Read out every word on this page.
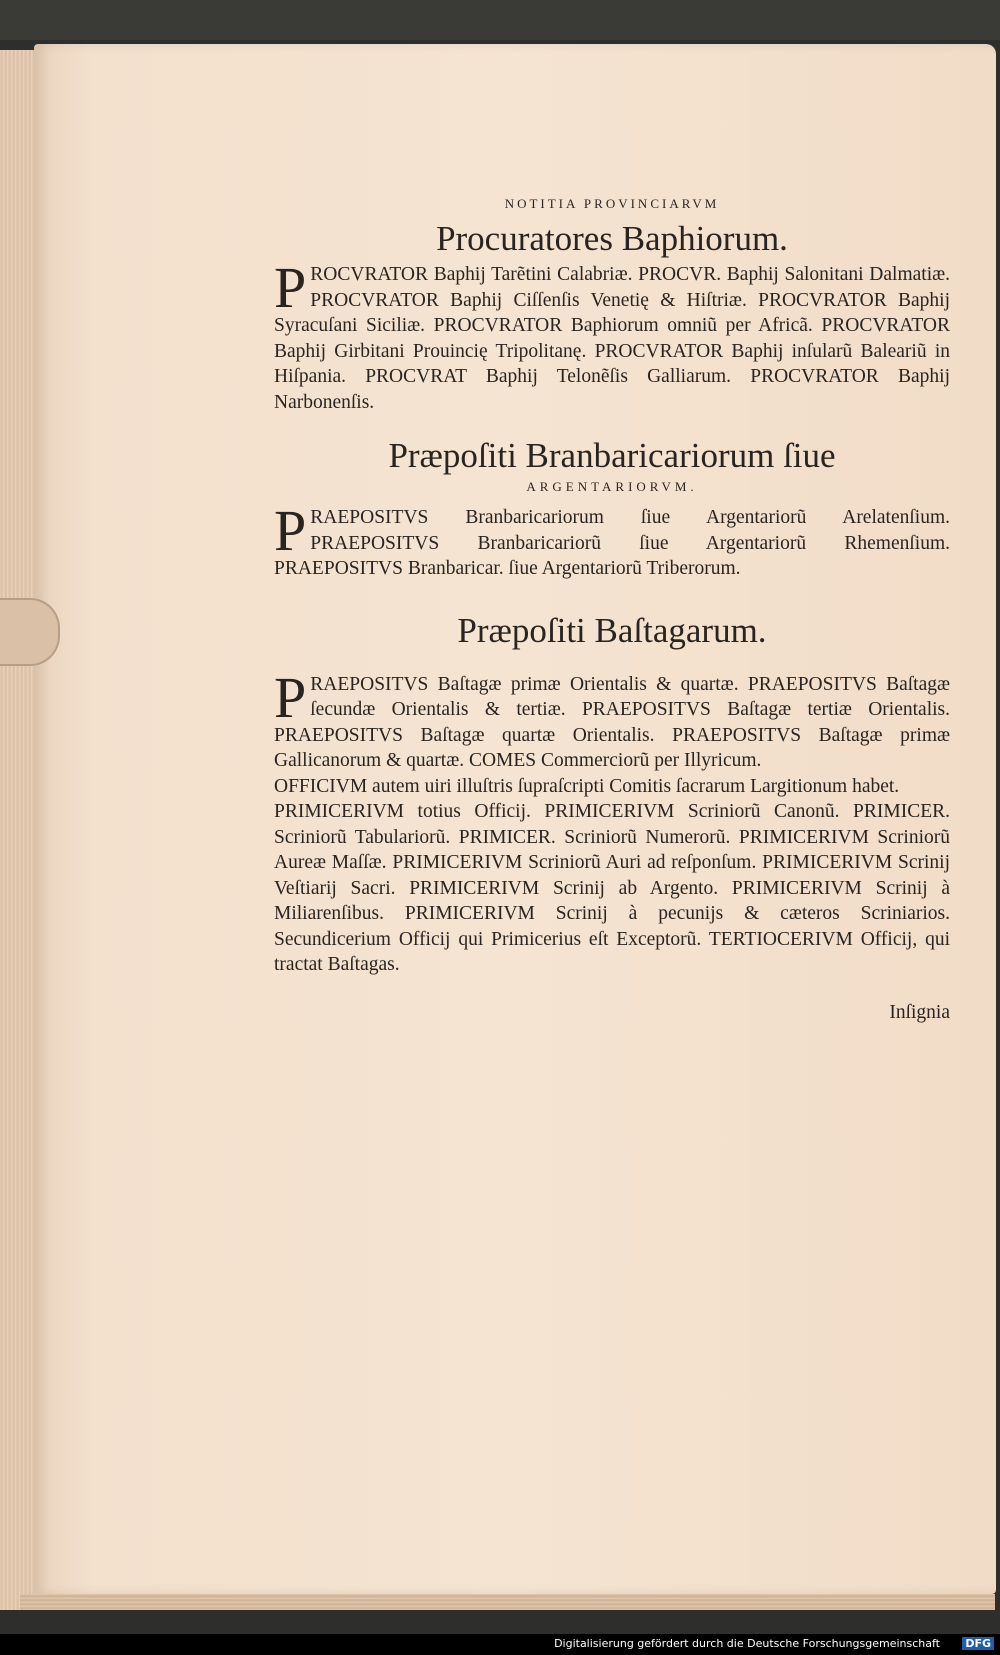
NOTITIA PROVINCIARVM
Procuratores Baphiorum.

P ROCVRATOR Baphij Tarẽtini Calabriæ. PROCVR. Baphij Salonitani Dalmatiæ. PROCVRATOR Baphij Ciſſenſis Venetię & Hiſtriæ. PROCVRATOR Baphij Syracuſani Siciliæ. PROCVRATOR Baphiorum omniũ per Africã. PROCVRATOR Baphij Girbitani Prouincię Tripolitanę. PROCVRATOR Baphij inſularũ Baleariũ in Hiſpania. PROCVRAT Baphij Telonẽſis Galliarum. PROCVRATOR Baphij Narbonenſis.

Præpoſiti Branbaricariorum ſiue
ARGENTARIORVM.

P RAEPOSITVS Branbaricariorum ſiue Argentariorũ Arelatenſium. PRAEPOSITVS Branbaricariorũ ſiue Argentariorũ Rhemenſium. PRAEPOSITVS Branbaricar. ſiue Argentariorũ Triberorum.

Præpoſiti Baſtagarum.

P RAEPOSITVS Baſtagæ primæ Orientalis & quartæ. PRAEPOSITVS Baſtagæ ſecundæ Orientalis & tertiæ. PRAEPOSITVS Baſtagæ tertiæ Orientalis. PRAEPOSITVS Baſtagæ quartæ Orientalis. PRAEPOSITVS Baſtagæ primæ Gallicanorum & quartæ. COMES Commerciorũ per Illyricum.

OFFICIVM autem uiri illuſtris ſupraſcripti Comitis ſacrarum Largitionum habet.

PRIMICERIVM totius Officij. PRIMICERIVM Scriniorũ Canonũ. PRIMICER. Scriniorũ Tabulariorũ. PRIMICER. Scriniorũ Numerorũ. PRIMICERIVM Scriniorũ Aureæ Maſſæ. PRIMICERIVM Scriniorũ Auri ad reſponſum. PRIMICERIVM Scrinij Veſtiarij Sacri. PRIMICERIVM Scrinij ab Argento. PRIMICERIVM Scrinij à Miliarenſibus. PRIMICERIVM Scrinij à pecunijs & cæteros Scriniarios. Secundicerium Officij qui Primicerius eſt Exceptorũ. TERTIOCERIVM Officij, qui tractat Baſtagas.

Inſignia
Digitalisierung gefördert durch die Deutsche Forschungsgemeinschaft DFG
